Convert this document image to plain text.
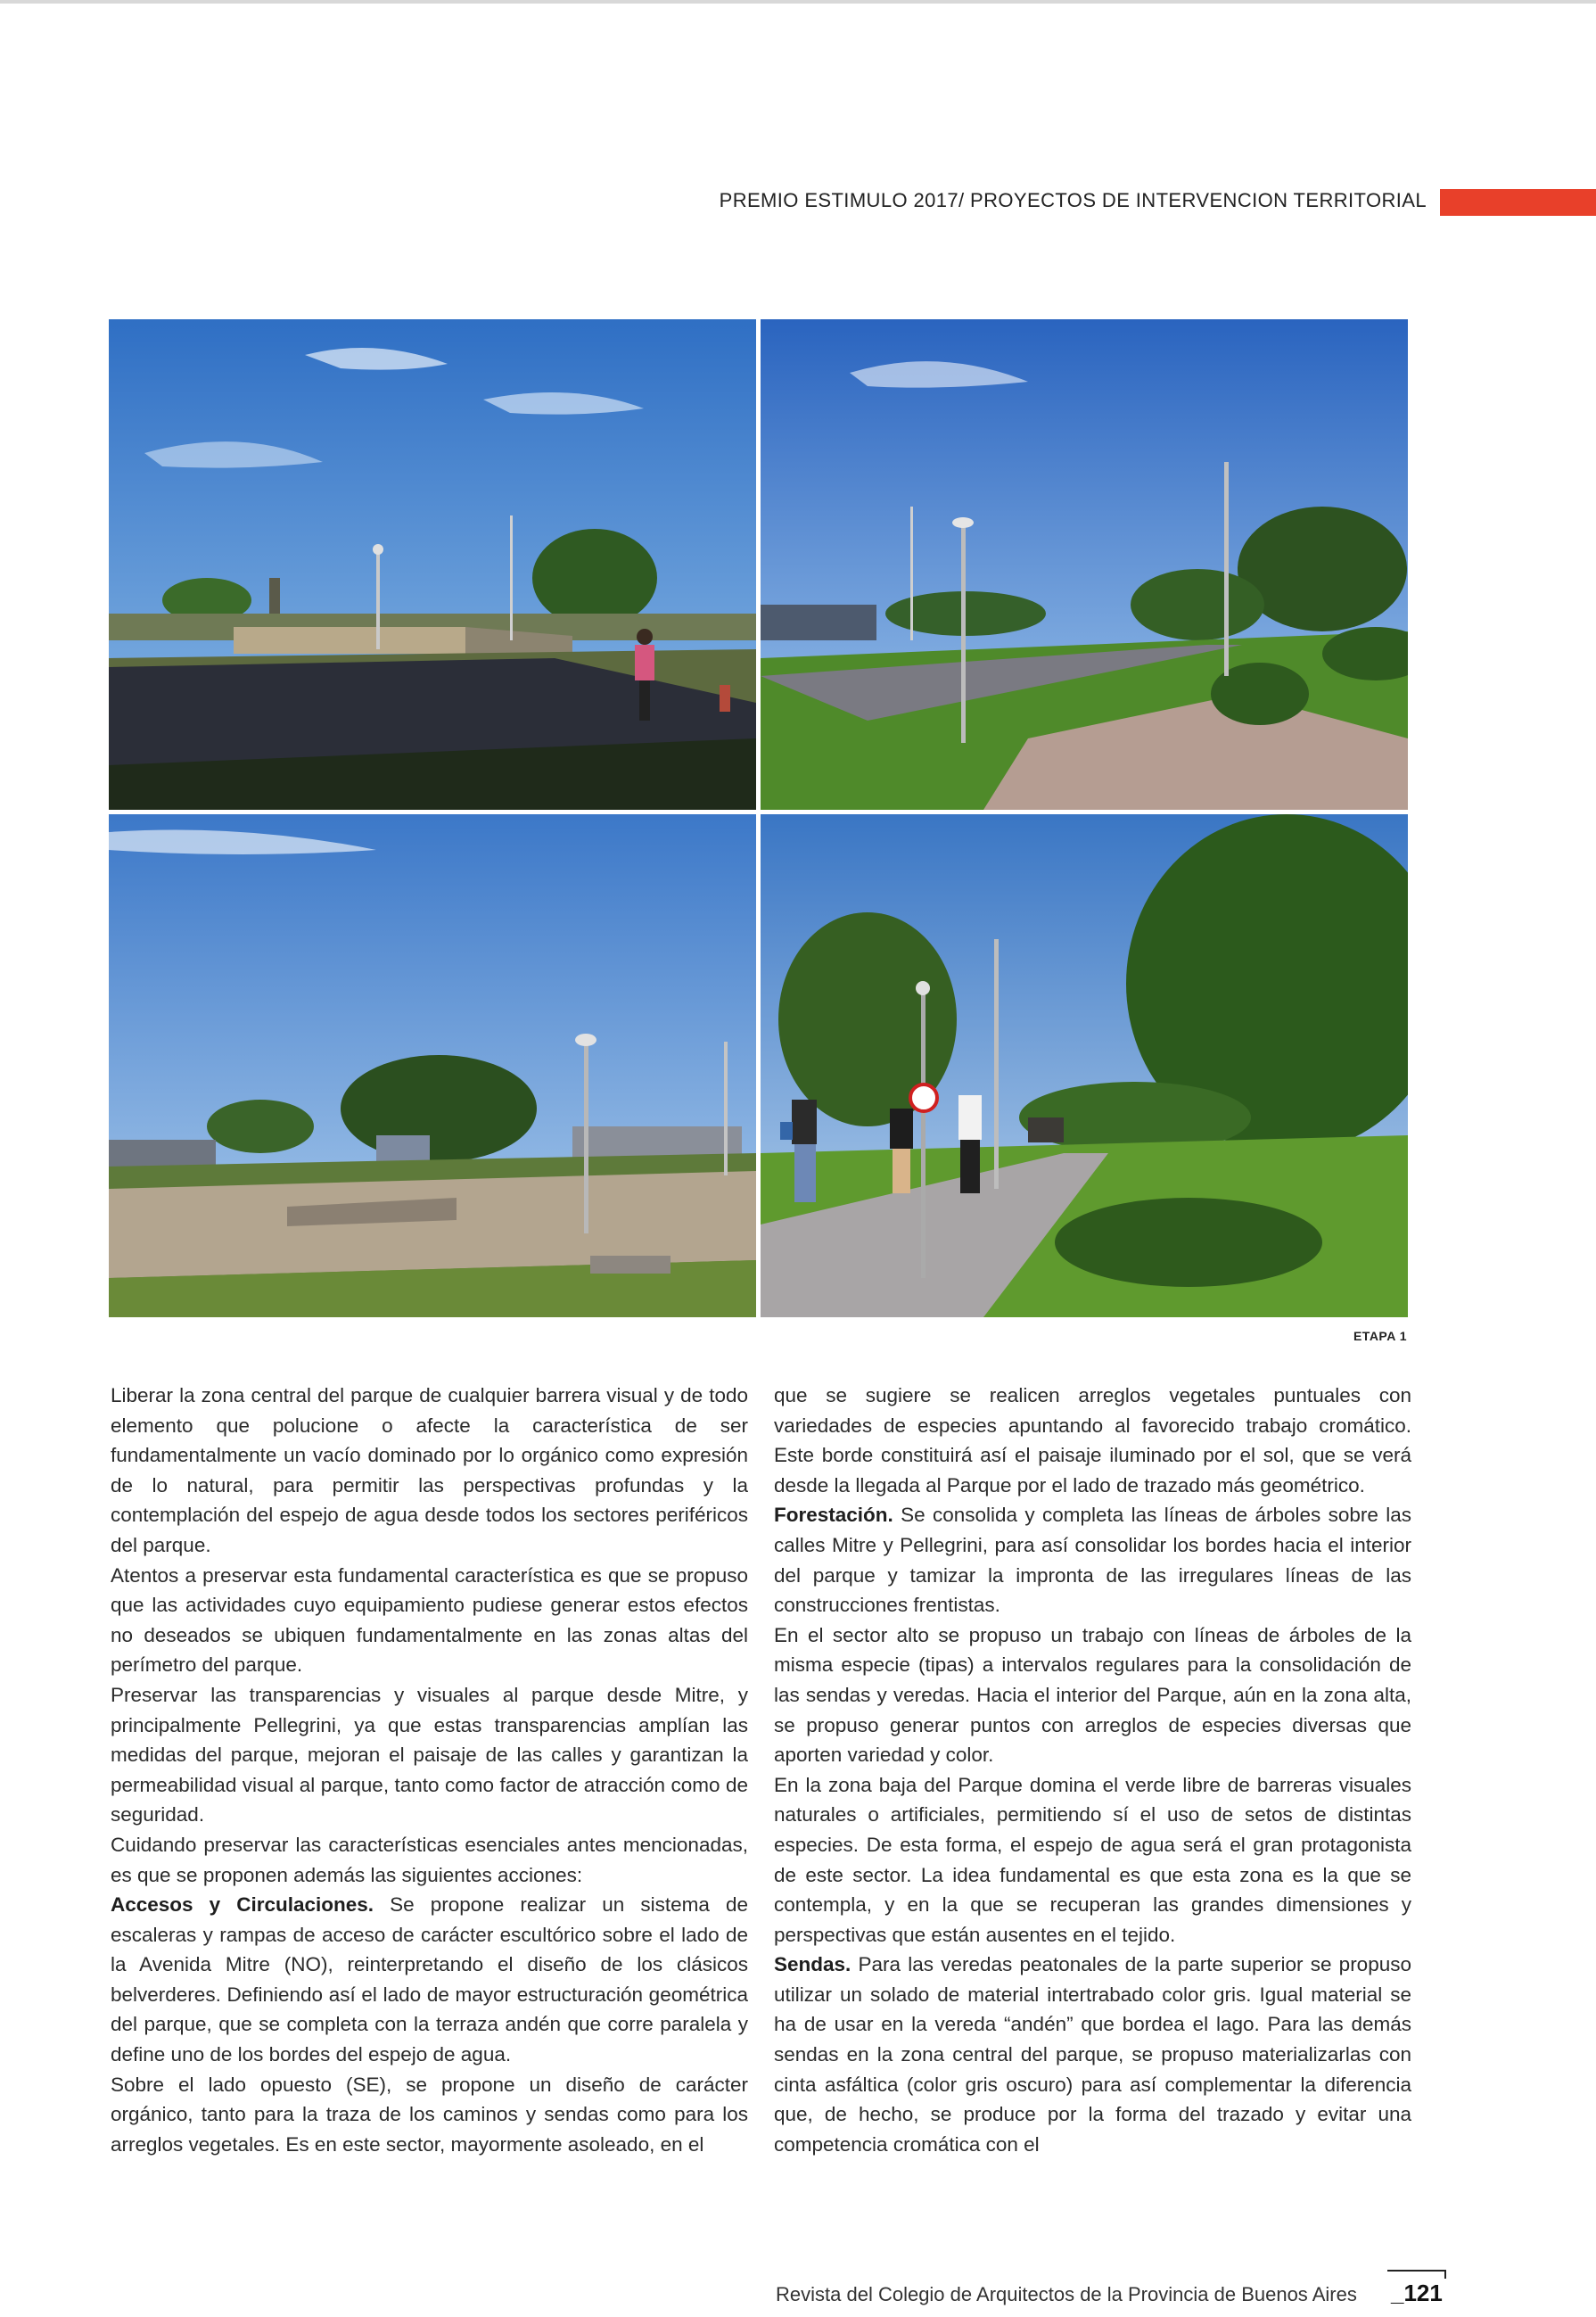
PREMIO ESTIMULO 2017/ PROYECTOS DE INTERVENCION TERRITORIAL
ETAPA 1

Liberar la zona central del parque de cualquier barrera visual y de todo elemento que polucione o afecte la característica de ser fundamentalmente un vacío dominado por lo orgánico como expresión de lo natural, para permitir las perspectivas profundas y la contemplación del espejo de agua desde todos los sectores periféricos del parque.

Atentos a preservar esta fundamental característica es que se propuso que las actividades cuyo equipamiento pudiese generar estos efectos no deseados se ubiquen fundamentalmente en las zonas altas del perímetro del parque.

Preservar las transparencias y visuales al parque desde Mitre, y principalmente Pellegrini, ya que estas transparencias amplían las medidas del parque, mejoran el paisaje de las calles y garantizan la permeabilidad visual al parque, tanto como factor de atracción como de seguridad.

Cuidando preservar las características esenciales antes mencionadas, es que se proponen además las siguientes acciones:

Accesos y Circulaciones. Se propone realizar un sistema de escaleras y rampas de acceso de carácter escultórico sobre el lado de la Avenida Mitre (NO), reinterpretando el diseño de los clásicos belverderes. Definiendo así el lado de mayor estructuración geométrica del parque, que se completa con la terraza andén que corre paralela y define uno de los bordes del espejo de agua.

Sobre el lado opuesto (SE), se propone un diseño de carácter orgánico, tanto para la traza de los caminos y sendas como para los arreglos vegetales. Es en este sector, mayormente asoleado, en el

que se sugiere se realicen arreglos vegetales puntuales con variedades de especies apuntando al favorecido trabajo cromático. Este borde constituirá así el paisaje iluminado por el sol, que se verá desde la llegada al Parque por el lado de trazado más geométrico.

Forestación. Se consolida y completa las líneas de árboles sobre las calles Mitre y Pellegrini, para así consolidar los bordes hacia el interior del parque y tamizar la impronta de las irregulares líneas de las construcciones frentistas.

En el sector alto se propuso un trabajo con líneas de árboles de la misma especie (tipas) a intervalos regulares para la consolidación de las sendas y veredas. Hacia el interior del Parque, aún en la zona alta, se propuso generar puntos con arreglos de especies diversas que aporten variedad y color.

En la zona baja del Parque domina el verde libre de barreras visuales naturales o artificiales, permitiendo sí el uso de setos de distintas especies. De esta forma, el espejo de agua será el gran protagonista de este sector. La idea fundamental es que esta zona es la que se contempla, y en la que se recuperan las grandes dimensiones y perspectivas que están ausentes en el tejido.

Sendas. Para las veredas peatonales de la parte superior se propuso utilizar un solado de material intertrabado color gris. Igual material se ha de usar en la vereda “andén” que bordea el lago. Para las demás sendas en la zona central del parque, se propuso materializarlas con cinta asfáltica (color gris oscuro) para así complementar la diferencia que, de hecho, se produce por la forma del trazado y evitar una competencia cromática con el

Revista del Colegio de Arquitectos de la Provincia de Buenos Aires _121
